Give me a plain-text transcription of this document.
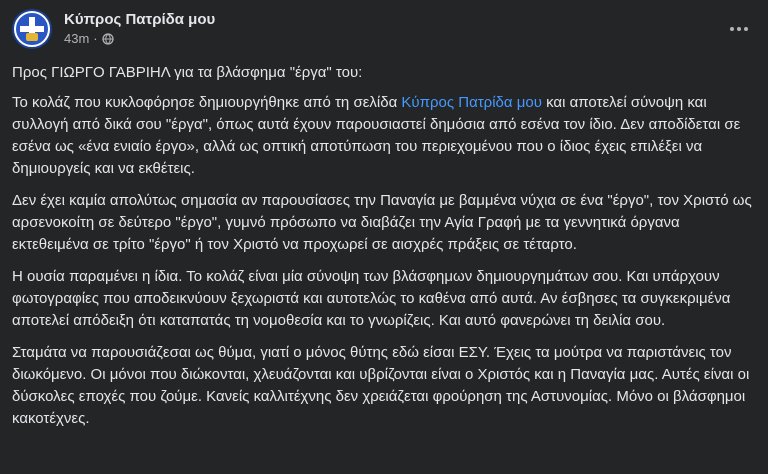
Κύπρος Πατρίδα μου
43m ·

Προς ΓΙΩΡΓΟ ΓΑΒΡΙΗΛ για τα βλάσφημα "έργα" του:

Το κολάζ που κυκλοφόρησε δημιουργήθηκε από τη σελίδα Κύπρος Πατρίδα μου και αποτελεί σύνοψη και συλλογή από δικά σου "έργα", όπως αυτά έχουν παρουσιαστεί δημόσια από εσένα τον ίδιο. Δεν αποδίδεται σε εσένα ως «ένα ενιαίο έργο», αλλά ως οπτική αποτύπωση του περιεχομένου που ο ίδιος έχεις επιλέξει να δημιουργείς και να εκθέτεις.

Δεν έχει καμία απολύτως σημασία αν παρουσίασες την Παναγία με βαμμένα νύχια σε ένα "έργο", τον Χριστό ως αρσενοκοίτη σε δεύτερο "έργο", γυμνό πρόσωπο να διαβάζει την Αγία Γραφή με τα γεννητικά όργανα εκτεθειμένα σε τρίτο "έργο" ή τον Χριστό να προχωρεί σε αισχρές πράξεις σε τέταρτο.

Η ουσία παραμένει η ίδια. Το κολάζ είναι μία σύνοψη των βλάσφημων δημιουργημάτων σου. Και υπάρχουν φωτογραφίες που αποδεικνύουν ξεχωριστά και αυτοτελώς το καθένα από αυτά. Αν έσβησες τα συγκεκριμένα αποτελεί απόδειξη ότι καταπατάς τη νομοθεσία και το γνωρίζεις. Και αυτό φανερώνει τη δειλία σου.

Σταμάτα να παρουσιάζεσαι ως θύμα, γιατί ο μόνος θύτης εδώ είσαι ΕΣΥ. Έχεις τα μούτρα να παριστάνεις τον διωκόμενο. Οι μόνοι που διώκονται, χλευάζονται και υβρίζονται είναι ο Χριστός και η Παναγία μας. Αυτές είναι οι δύσκολες εποχές που ζούμε. Κανείς καλλιτέχνης δεν χρειάζεται φρούρηση της Αστυνομίας. Μόνο οι βλάσφημοι κακοτέχνες.
